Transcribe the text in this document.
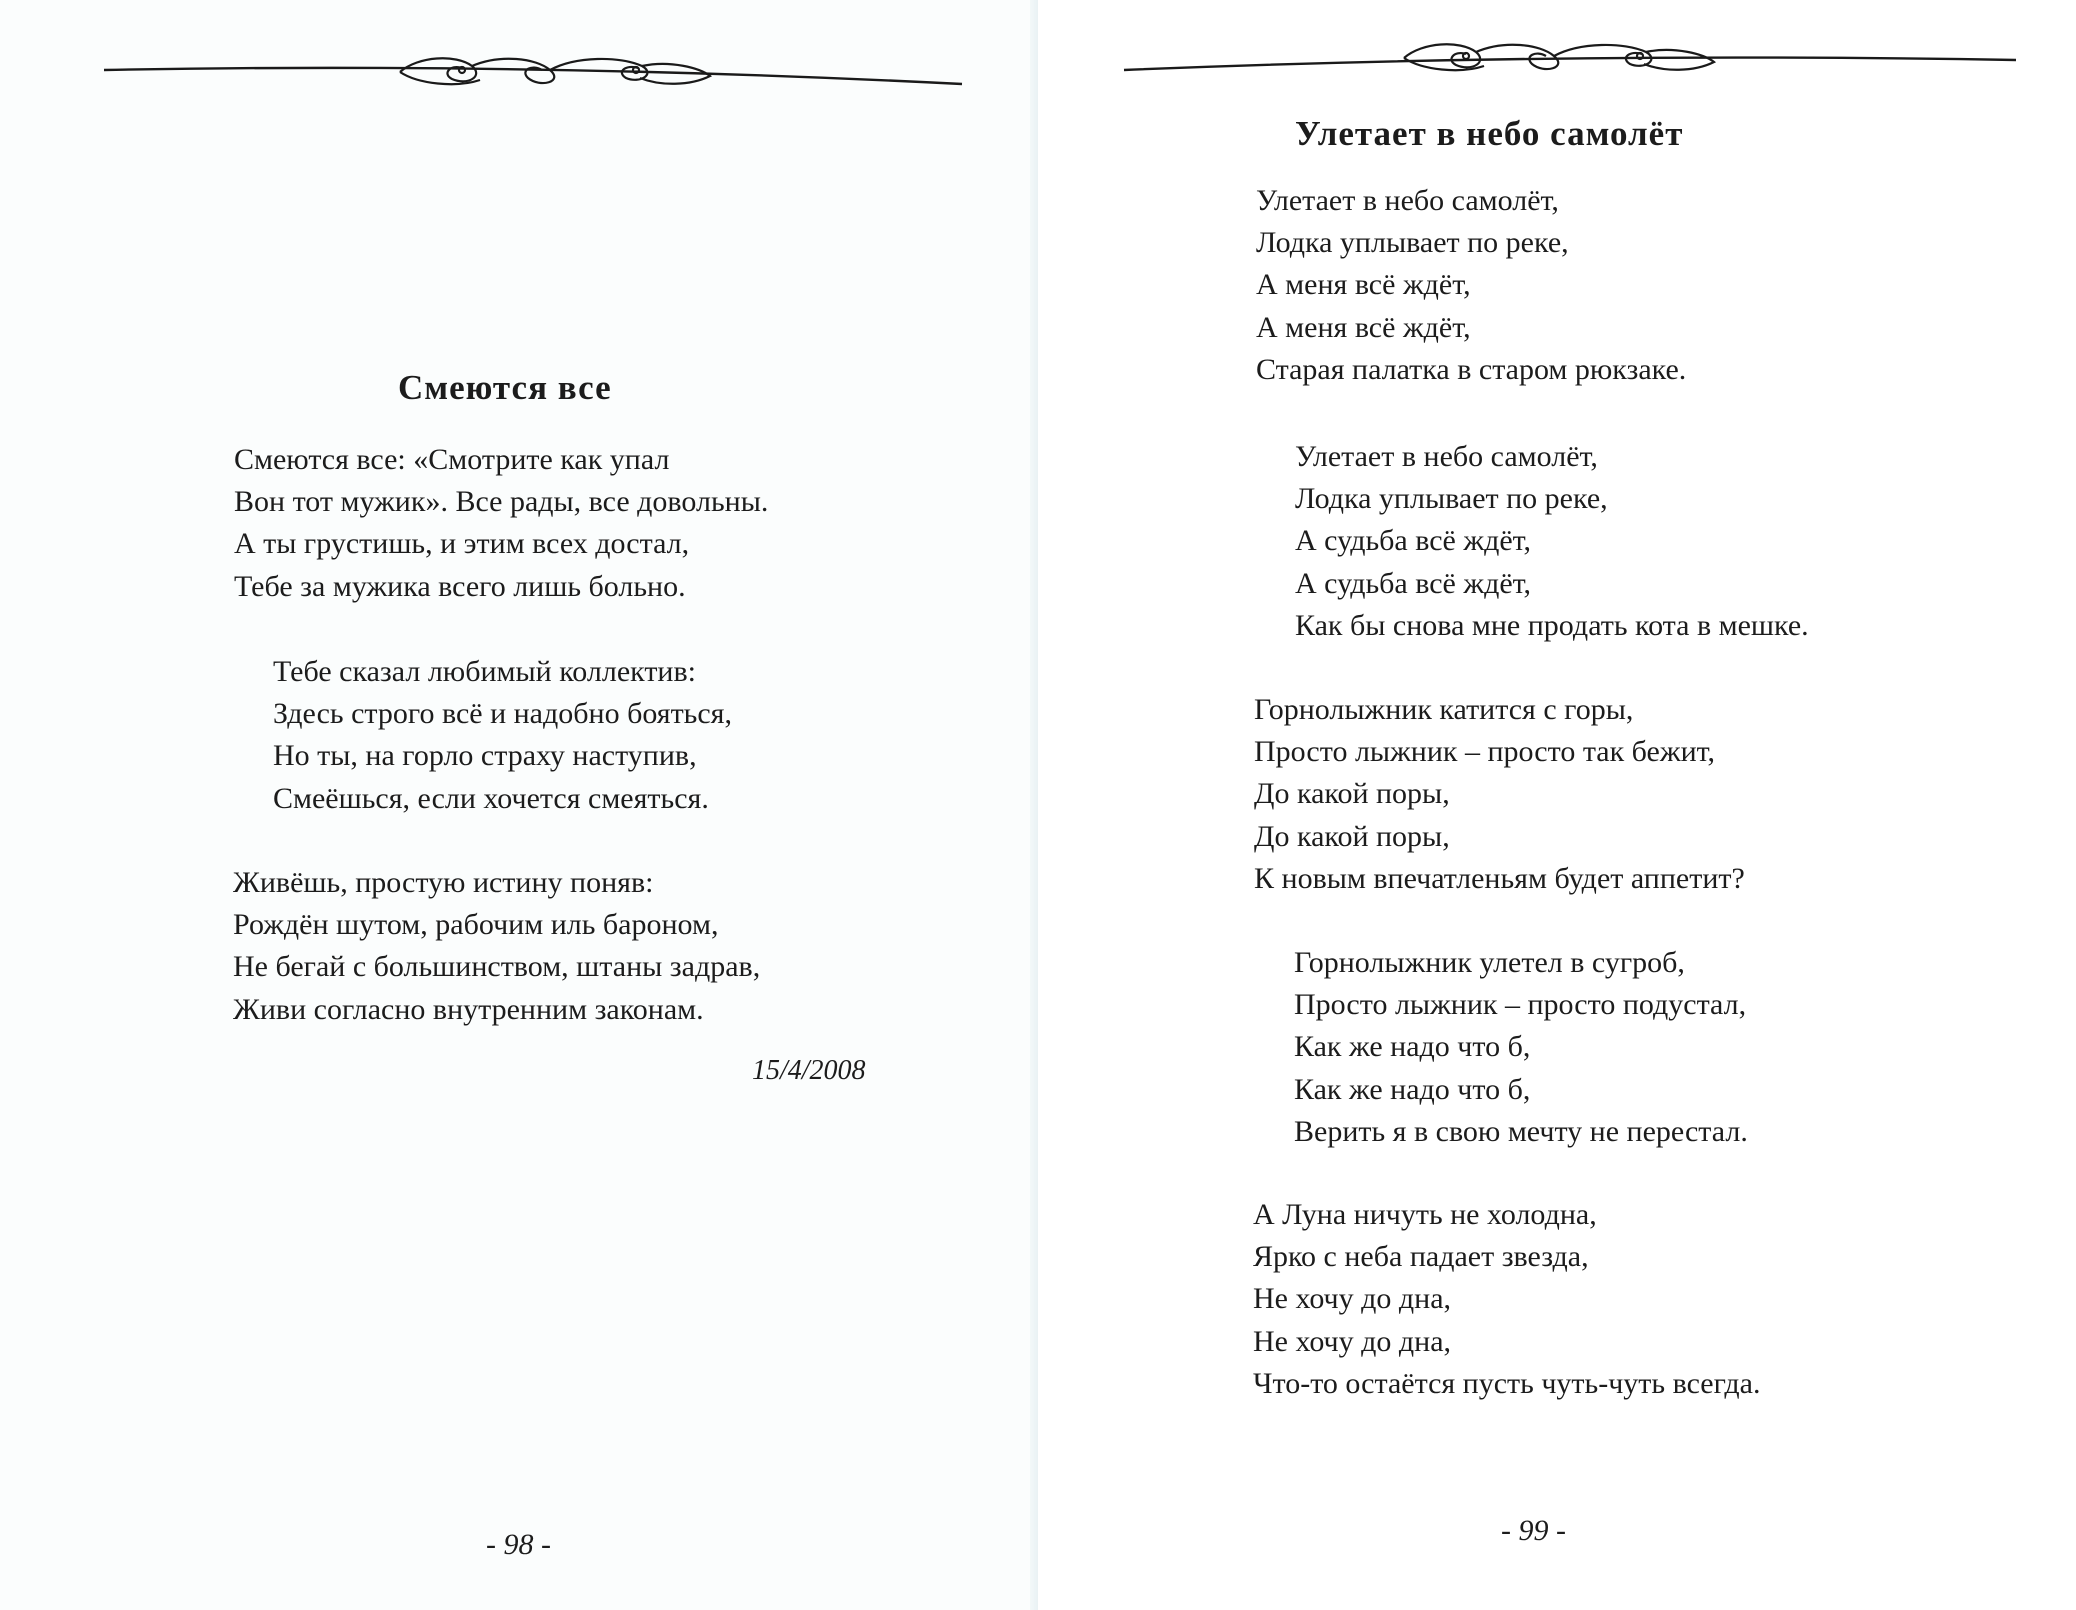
Смеются все
Смеются все: «Смотрите как упал
Вон тот мужик». Все рады, все довольны.
А ты грустишь, и этим всех достал,
Тебе за мужика всего лишь больно.
Тебе сказал любимый коллектив:
Здесь строго всё и надобно бояться,
Но ты, на горло страху наступив,
Смеёшься, если хочется смеяться.
Живёшь, простую истину поняв:
Рождён шутом, рабочим иль бароном,
Не бегай с большинством, штаны задрав,
Живи согласно внутренним законам.
15/4/2008
- 98 -
Улетает в небо самолёт
Улетает в небо самолёт,
Лодка уплывает по реке,
А меня всё ждёт,
А меня всё ждёт,
Старая палатка в старом рюкзаке.
Улетает в небо самолёт,
Лодка уплывает по реке,
А судьба всё ждёт,
А судьба всё ждёт,
Как бы снова мне продать кота в мешке.
Горнолыжник катится с горы,
Просто лыжник – просто так бежит,
До какой поры,
До какой поры,
К новым впечатленьям будет аппетит?
Горнолыжник улетел в сугроб,
Просто лыжник – просто подустал,
Как же надо что б,
Как же надо что б,
Верить я в свою мечту не перестал.
А Луна ничуть не холодна,
Ярко с неба падает звезда,
Не хочу до дна,
Не хочу до дна,
Что-то остаётся пусть чуть-чуть всегда.
- 99 -
